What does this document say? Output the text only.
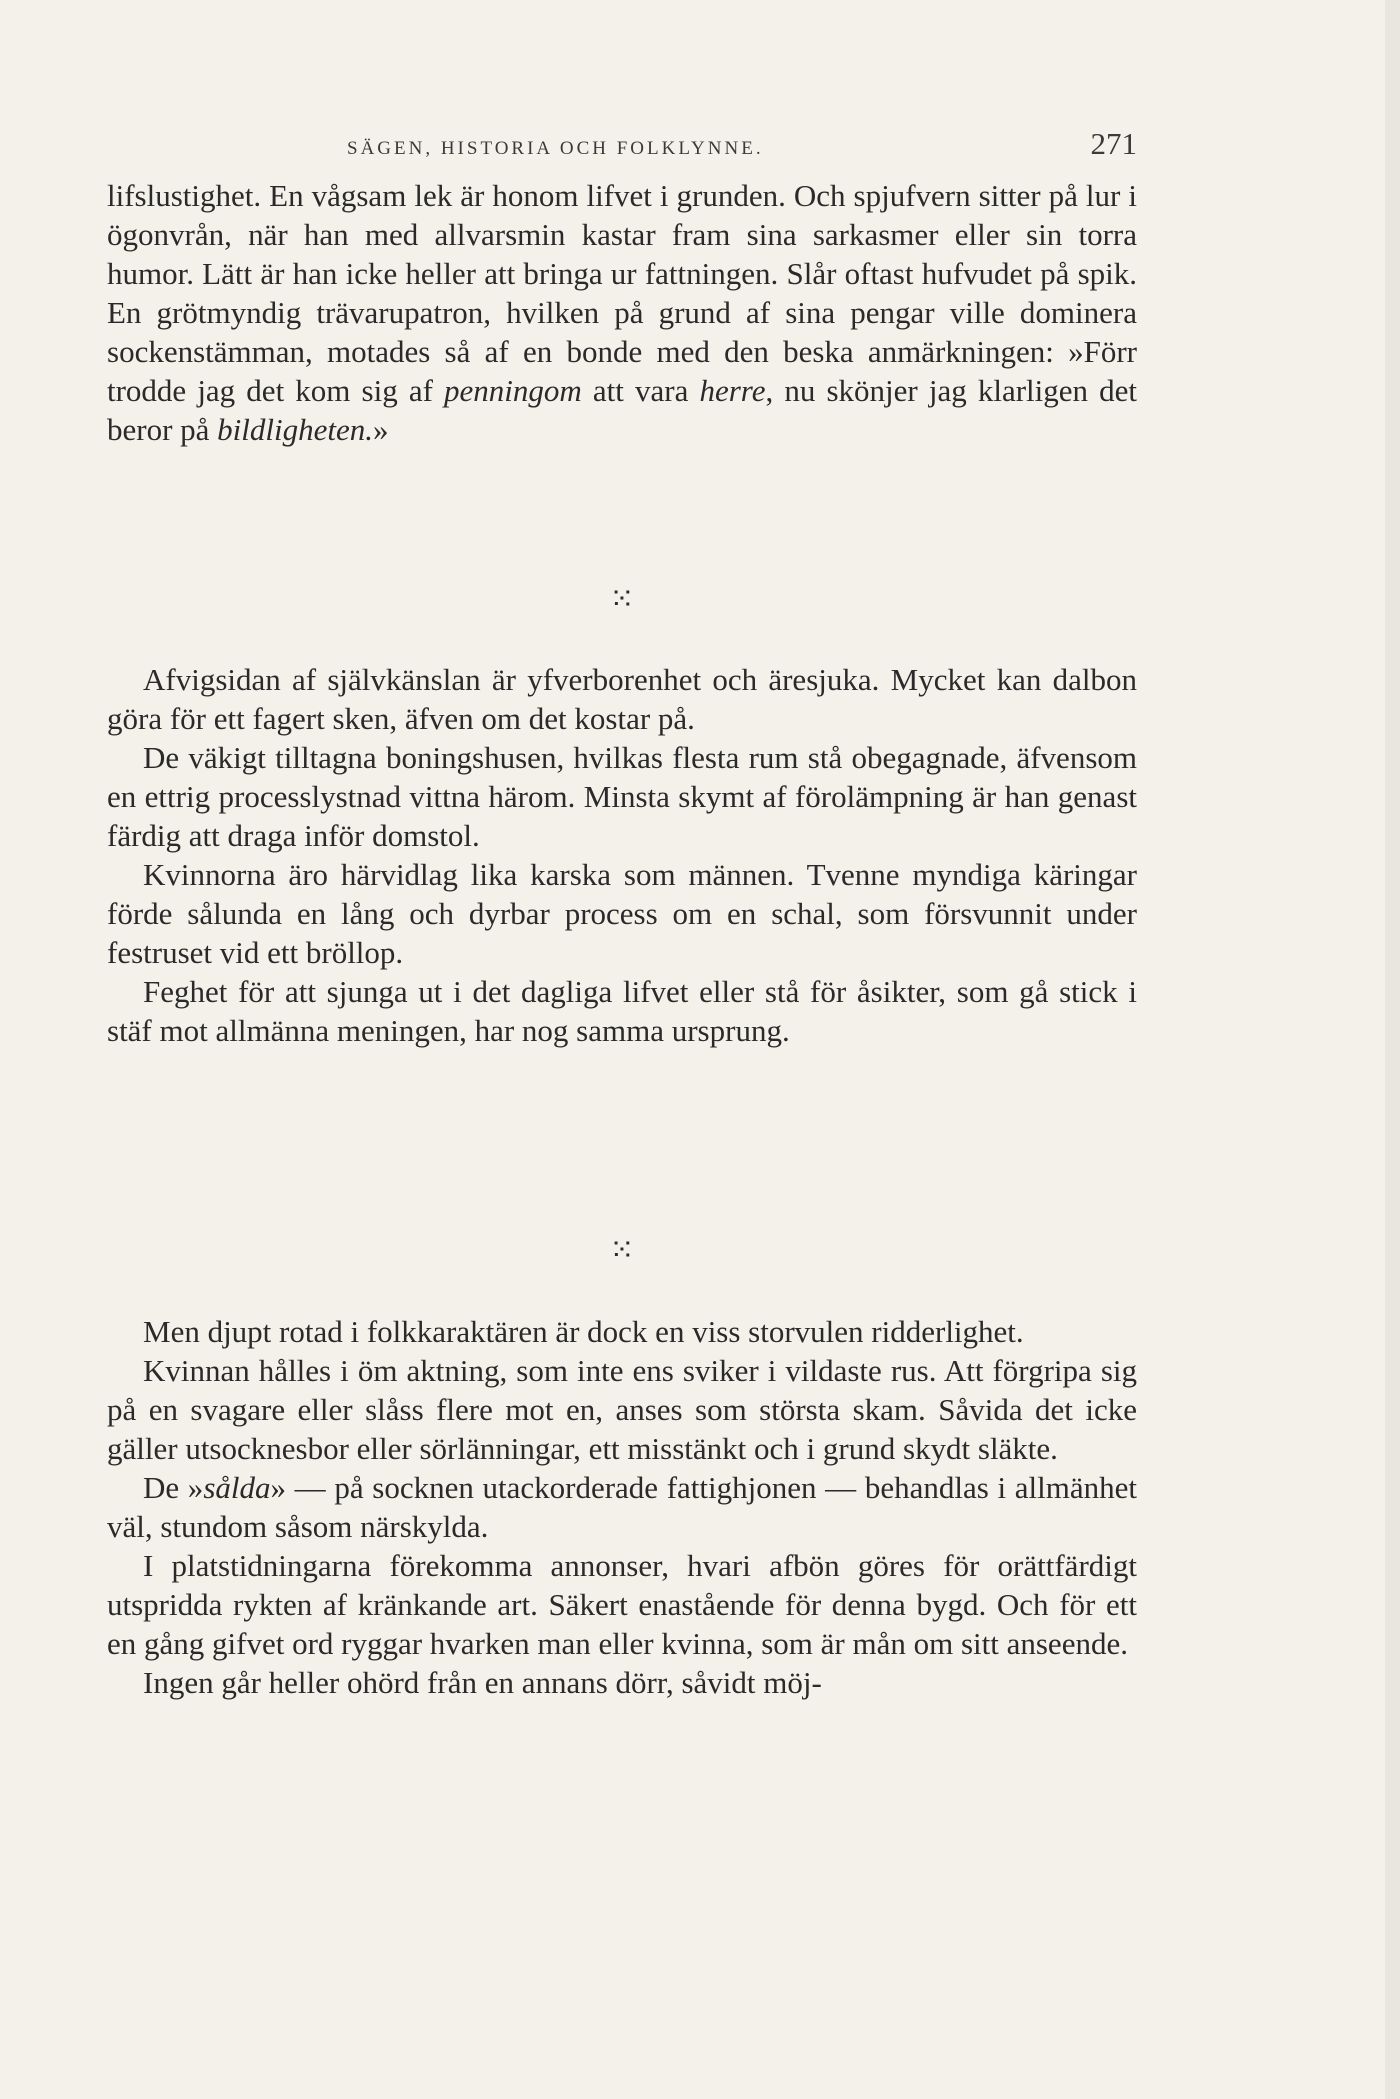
SÄGEN, HISTORIA OCH FOLKLYNNE.	271

lifslustighet. En vågsam lek är honom lifvet i grunden. Och spjufvern sitter på lur i ögonvrån, när han med allvarsmin kastar fram sina sarkasmer eller sin torra humor. Lätt är han icke heller att bringa ur fattningen. Slår oftast hufvudet på spik. En grötmyndig trävarupatron, hvilken på grund af sina pengar ville dominera sockenstämman, motades så af en bonde med den beska anmärkningen: »Förr trodde jag det kom sig af penningom att vara herre, nu skönjer jag klarligen det beror på bildligheten.»

⁙

Afvigsidan af självkänslan är yfverborenhet och äresjuka. Mycket kan dalbon göra för ett fagert sken, äfven om det kostar på.

De väkigt tilltagna boningshusen, hvilkas flesta rum stå obegagnade, äfvensom en ettrig processlystnad vittna härom. Minsta skymt af förolämpning är han genast färdig att draga inför domstol.

Kvinnorna äro härvidlag lika karska som männen. Tvenne myndiga käringar förde sålunda en lång och dyrbar process om en schal, som försvunnit under festruset vid ett bröllop.

Feghet för att sjunga ut i det dagliga lifvet eller stå för åsikter, som gå stick i stäf mot allmänna meningen, har nog samma ursprung.

⁙

Men djupt rotad i folkkaraktären är dock en viss storvulen ridderlighet.

Kvinnan hålles i öm aktning, som inte ens sviker i vildaste rus. Att förgripa sig på en svagare eller slåss flere mot en, anses som största skam. Såvida det icke gäller utsocknesbor eller sörlänningar, ett misstänkt och i grund skydt släkte.

De »sålda» — på socknen utackorderade fattighjonen — behandlas i allmänhet väl, stundom såsom närskylda.

I platstidningarna förekomma annonser, hvari afbön göres för orättfärdigt utspridda rykten af kränkande art. Säkert enastående för denna bygd. Och för ett en gång gifvet ord ryggar hvarken man eller kvinna, som är mån om sitt anseende.

Ingen går heller ohörd från en annans dörr, såvidt möj-
